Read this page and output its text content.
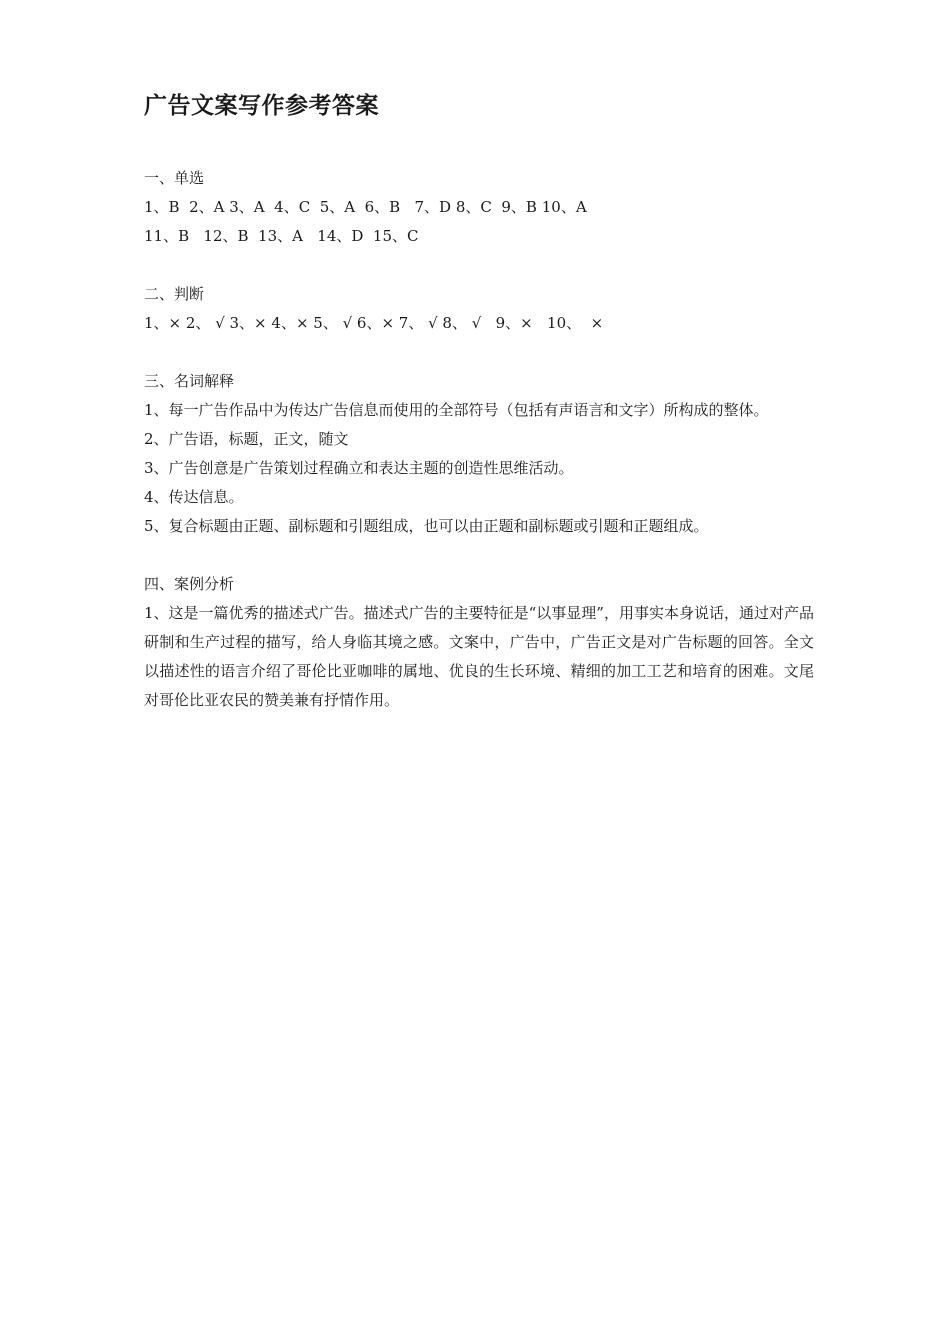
广告文案写作参考答案

一、单选

1、B  2、A 3、A  4、C  5、A  6、B   7、D 8、C  9、B 10、A

11、B   12、B  13、A   14、D  15、C

二、判断

1、× 2、 √ 3、× 4、× 5、 √ 6、× 7、 √ 8、 √   9、×   10、  ×

三、名词解释

1、每一广告作品中为传达广告信息而使用的全部符号（包括有声语言和文字）所构成的整体。

2、广告语，标题，正文，随文

3、广告创意是广告策划过程确立和表达主题的创造性思维活动。

4、传达信息。

5、复合标题由正题、副标题和引题组成，也可以由正题和副标题或引题和正题组成。

四、案例分析

1、这是一篇优秀的描述式广告。描述式广告的主要特征是“以事显理”，用事实本身说话，通过对产品研制和生产过程的描写，给人身临其境之感。文案中，广告中，广告正文是对广告标题的回答。全文以描述性的语言介绍了哥伦比亚咖啡的属地、优良的生长环境、精细的加工工艺和培育的困难。文尾对哥伦比亚农民的赞美兼有抒情作用。
